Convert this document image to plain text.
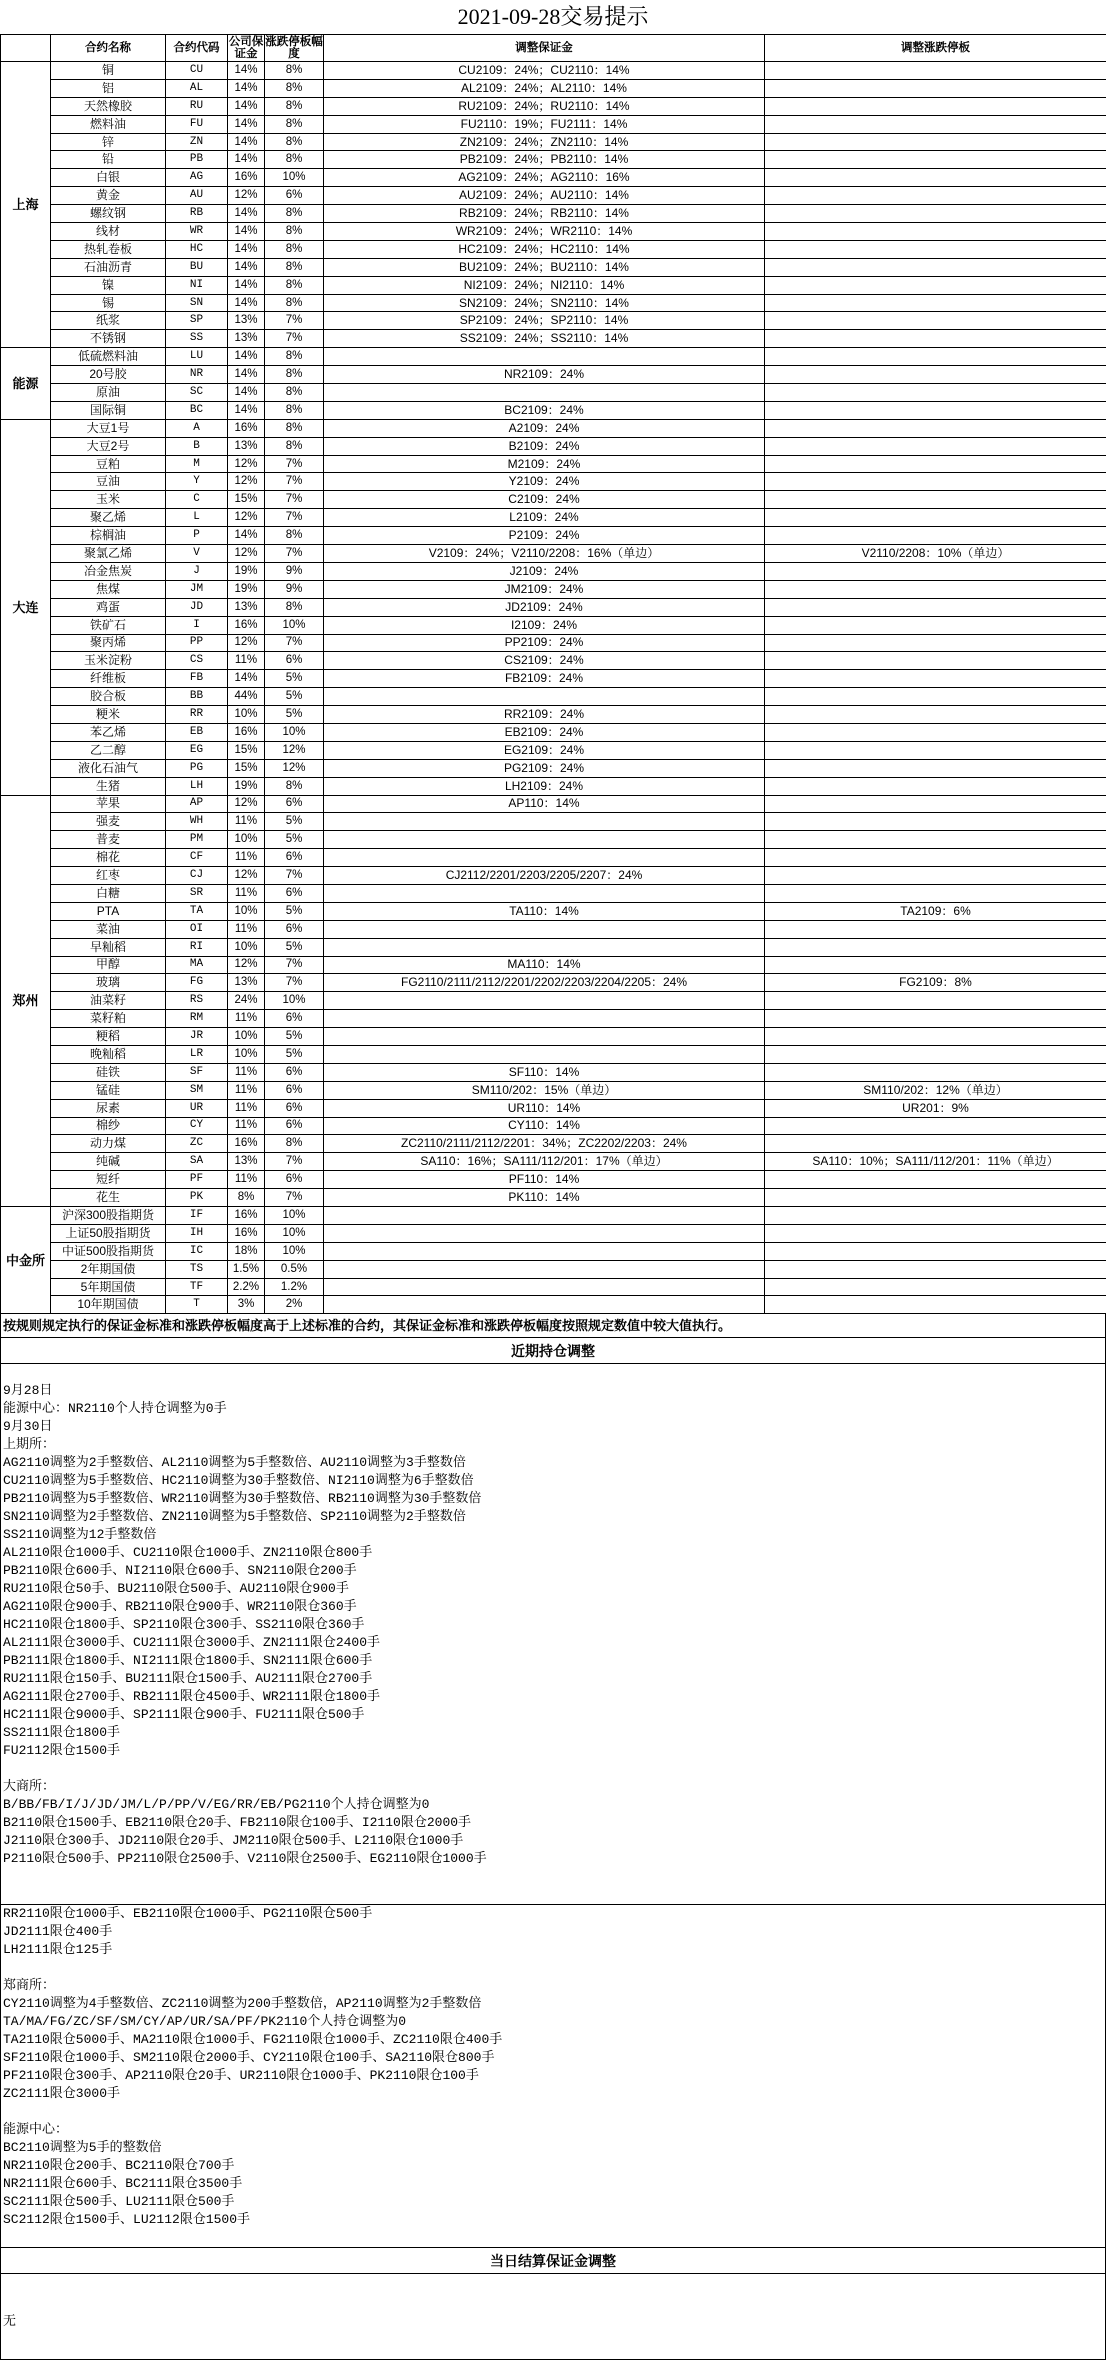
2021-09-28交易提示
	合约名称	合约代码	公司保证金	涨跌停板幅度	调整保证金	调整涨跌停板
上海	铜	CU	14%	8%	CU2109：24%；CU2110：14%	
	铝	AL	14%	8%	AL2109：24%；AL2110：14%	
	天然橡胶	RU	14%	8%	RU2109：24%；RU2110：14%	
	燃料油	FU	14%	8%	FU2110：19%；FU2111：14%	
	锌	ZN	14%	8%	ZN2109：24%；ZN2110：14%	
	铅	PB	14%	8%	PB2109：24%；PB2110：14%	
	白银	AG	16%	10%	AG2109：24%；AG2110：16%	
	黄金	AU	12%	6%	AU2109：24%；AU2110：14%	
	螺纹钢	RB	14%	8%	RB2109：24%；RB2110：14%	
	线材	WR	14%	8%	WR2109：24%；WR2110：14%	
	热轧卷板	HC	14%	8%	HC2109：24%；HC2110：14%	
	石油沥青	BU	14%	8%	BU2109：24%；BU2110：14%	
	镍	NI	14%	8%	NI2109：24%；NI2110：14%	
	锡	SN	14%	8%	SN2109：24%；SN2110：14%	
	纸浆	SP	13%	7%	SP2109：24%；SP2110：14%	
	不锈钢	SS	13%	7%	SS2109：24%；SS2110：14%	
能源	低硫燃料油	LU	14%	8%		
	20号胶	NR	14%	8%	NR2109：24%	
	原油	SC	14%	8%		
	国际铜	BC	14%	8%	BC2109：24%	
大连	大豆1号	A	16%	8%	A2109：24%	
	大豆2号	B	13%	8%	B2109：24%	
	豆粕	M	12%	7%	M2109：24%	
	豆油	Y	12%	7%	Y2109：24%	
	玉米	C	15%	7%	C2109：24%	
	聚乙烯	L	12%	7%	L2109：24%	
	棕榈油	P	14%	8%	P2109：24%	
	聚氯乙烯	V	12%	7%	V2109：24%；V2110/2208：16%（单边）	V2110/2208：10%（单边）
	冶金焦炭	J	19%	9%	J2109：24%	
	焦煤	JM	19%	9%	JM2109：24%	
	鸡蛋	JD	13%	8%	JD2109：24%	
	铁矿石	I	16%	10%	I2109：24%	
	聚丙烯	PP	12%	7%	PP2109：24%	
	玉米淀粉	CS	11%	6%	CS2109：24%	
	纤维板	FB	14%	5%	FB2109：24%	
	胶合板	BB	44%	5%		
	粳米	RR	10%	5%	RR2109：24%	
	苯乙烯	EB	16%	10%	EB2109：24%	
	乙二醇	EG	15%	12%	EG2109：24%	
	液化石油气	PG	15%	12%	PG2109：24%	
	生猪	LH	19%	8%	LH2109：24%	
郑州	苹果	AP	12%	6%	AP110：14%	
	强麦	WH	11%	5%		
	普麦	PM	10%	5%		
	棉花	CF	11%	6%		
	红枣	CJ	12%	7%	CJ2112/2201/2203/2205/2207：24%	
	白糖	SR	11%	6%		
	PTA	TA	10%	5%	TA110：14%	TA2109：6%
	菜油	OI	11%	6%		
	早籼稻	RI	10%	5%		
	甲醇	MA	12%	7%	MA110：14%	
	玻璃	FG	13%	7%	FG2110/2111/2112/2201/2202/2203/2204/2205：24%	FG2109：8%
	油菜籽	RS	24%	10%		
	菜籽粕	RM	11%	6%		
	粳稻	JR	10%	5%		
	晚籼稻	LR	10%	5%		
	硅铁	SF	11%	6%	SF110：14%	
	锰硅	SM	11%	6%	SM110/202：15%（单边）	SM110/202：12%（单边）
	尿素	UR	11%	6%	UR110：14%	UR201：9%
	棉纱	CY	11%	6%	CY110：14%	
	动力煤	ZC	16%	8%	ZC2110/2111/2112/2201：34%；ZC2202/2203：24%	
	纯碱	SA	13%	7%	SA110：16%；SA111/112/201：17%（单边）	SA110：10%；SA111/112/201：11%（单边）
	短纤	PF	11%	6%	PF110：14%	
	花生	PK	8%	7%	PK110：14%	
中金所	沪深300股指期货	IF	16%	10%		
	上证50股指期货	IH	16%	10%		
	中证500股指期货	IC	18%	10%		
	2年期国债	TS	1.5%	0.5%		
	5年期国债	TF	2.2%	1.2%		
	10年期国债	T	3%	2%		
按规则规定执行的保证金标准和涨跌停板幅度高于上述标准的合约，其保证金标准和涨跌停板幅度按照规定数值中较大值执行。
近期持仓调整
9月28日
能源中心：NR2110个人持仓调整为0手
9月30日
上期所：
AG2110调整为2手整数倍、AL2110调整为5手整数倍、AU2110调整为3手整数倍
CU2110调整为5手整数倍、HC2110调整为30手整数倍、NI2110调整为6手整数倍
PB2110调整为5手整数倍、WR2110调整为30手整数倍、RB2110调整为30手整数倍
SN2110调整为2手整数倍、ZN2110调整为5手整数倍、SP2110调整为2手整数倍
SS2110调整为12手整数倍
AL2110限仓1000手、CU2110限仓1000手、ZN2110限仓800手
PB2110限仓600手、NI2110限仓600手、SN2110限仓200手
RU2110限仓50手、BU2110限仓500手、AU2110限仓900手
AG2110限仓900手、RB2110限仓900手、WR2110限仓360手
HC2110限仓1800手、SP2110限仓300手、SS2110限仓360手
AL2111限仓3000手、CU2111限仓3000手、ZN2111限仓2400手
PB2111限仓1800手、NI2111限仓1800手、SN2111限仓600手
RU2111限仓150手、BU2111限仓1500手、AU2111限仓2700手
AG2111限仓2700手、RB2111限仓4500手、WR2111限仓1800手
HC2111限仓9000手、SP2111限仓900手、FU2111限仓500手
SS2111限仓1800手
FU2112限仓1500手
大商所：
B/BB/FB/I/J/JD/JM/L/P/PP/V/EG/RR/EB/PG2110个人持仓调整为0
B2110限仓1500手、EB2110限仓20手、FB2110限仓100手、I2110限仓2000手
J2110限仓300手、JD2110限仓20手、JM2110限仓500手、L2110限仓1000手
P2110限仓500手、PP2110限仓2500手、V2110限仓2500手、EG2110限仓1000手
RR2110限仓1000手、EB2110限仓1000手、PG2110限仓500手
JD2111限仓400手
LH2111限仓125手
郑商所：
CY2110调整为4手整数倍、ZC2110调整为200手整数倍，AP2110调整为2手整数倍
TA/MA/FG/ZC/SF/SM/CY/AP/UR/SA/PF/PK2110个人持仓调整为0
TA2110限仓5000手、MA2110限仓1000手、FG2110限仓1000手、ZC2110限仓400手
SF2110限仓1000手、SM2110限仓2000手、CY2110限仓100手、SA2110限仓800手
PF2110限仓300手、AP2110限仓20手、UR2110限仓1000手、PK2110限仓100手
ZC2111限仓3000手
能源中心：
BC2110调整为5手的整数倍
NR2110限仓200手、BC2110限仓700手
NR2111限仓600手、BC2111限仓3500手
SC2111限仓500手、LU2111限仓500手
SC2112限仓1500手、LU2112限仓1500手
当日结算保证金调整
无
